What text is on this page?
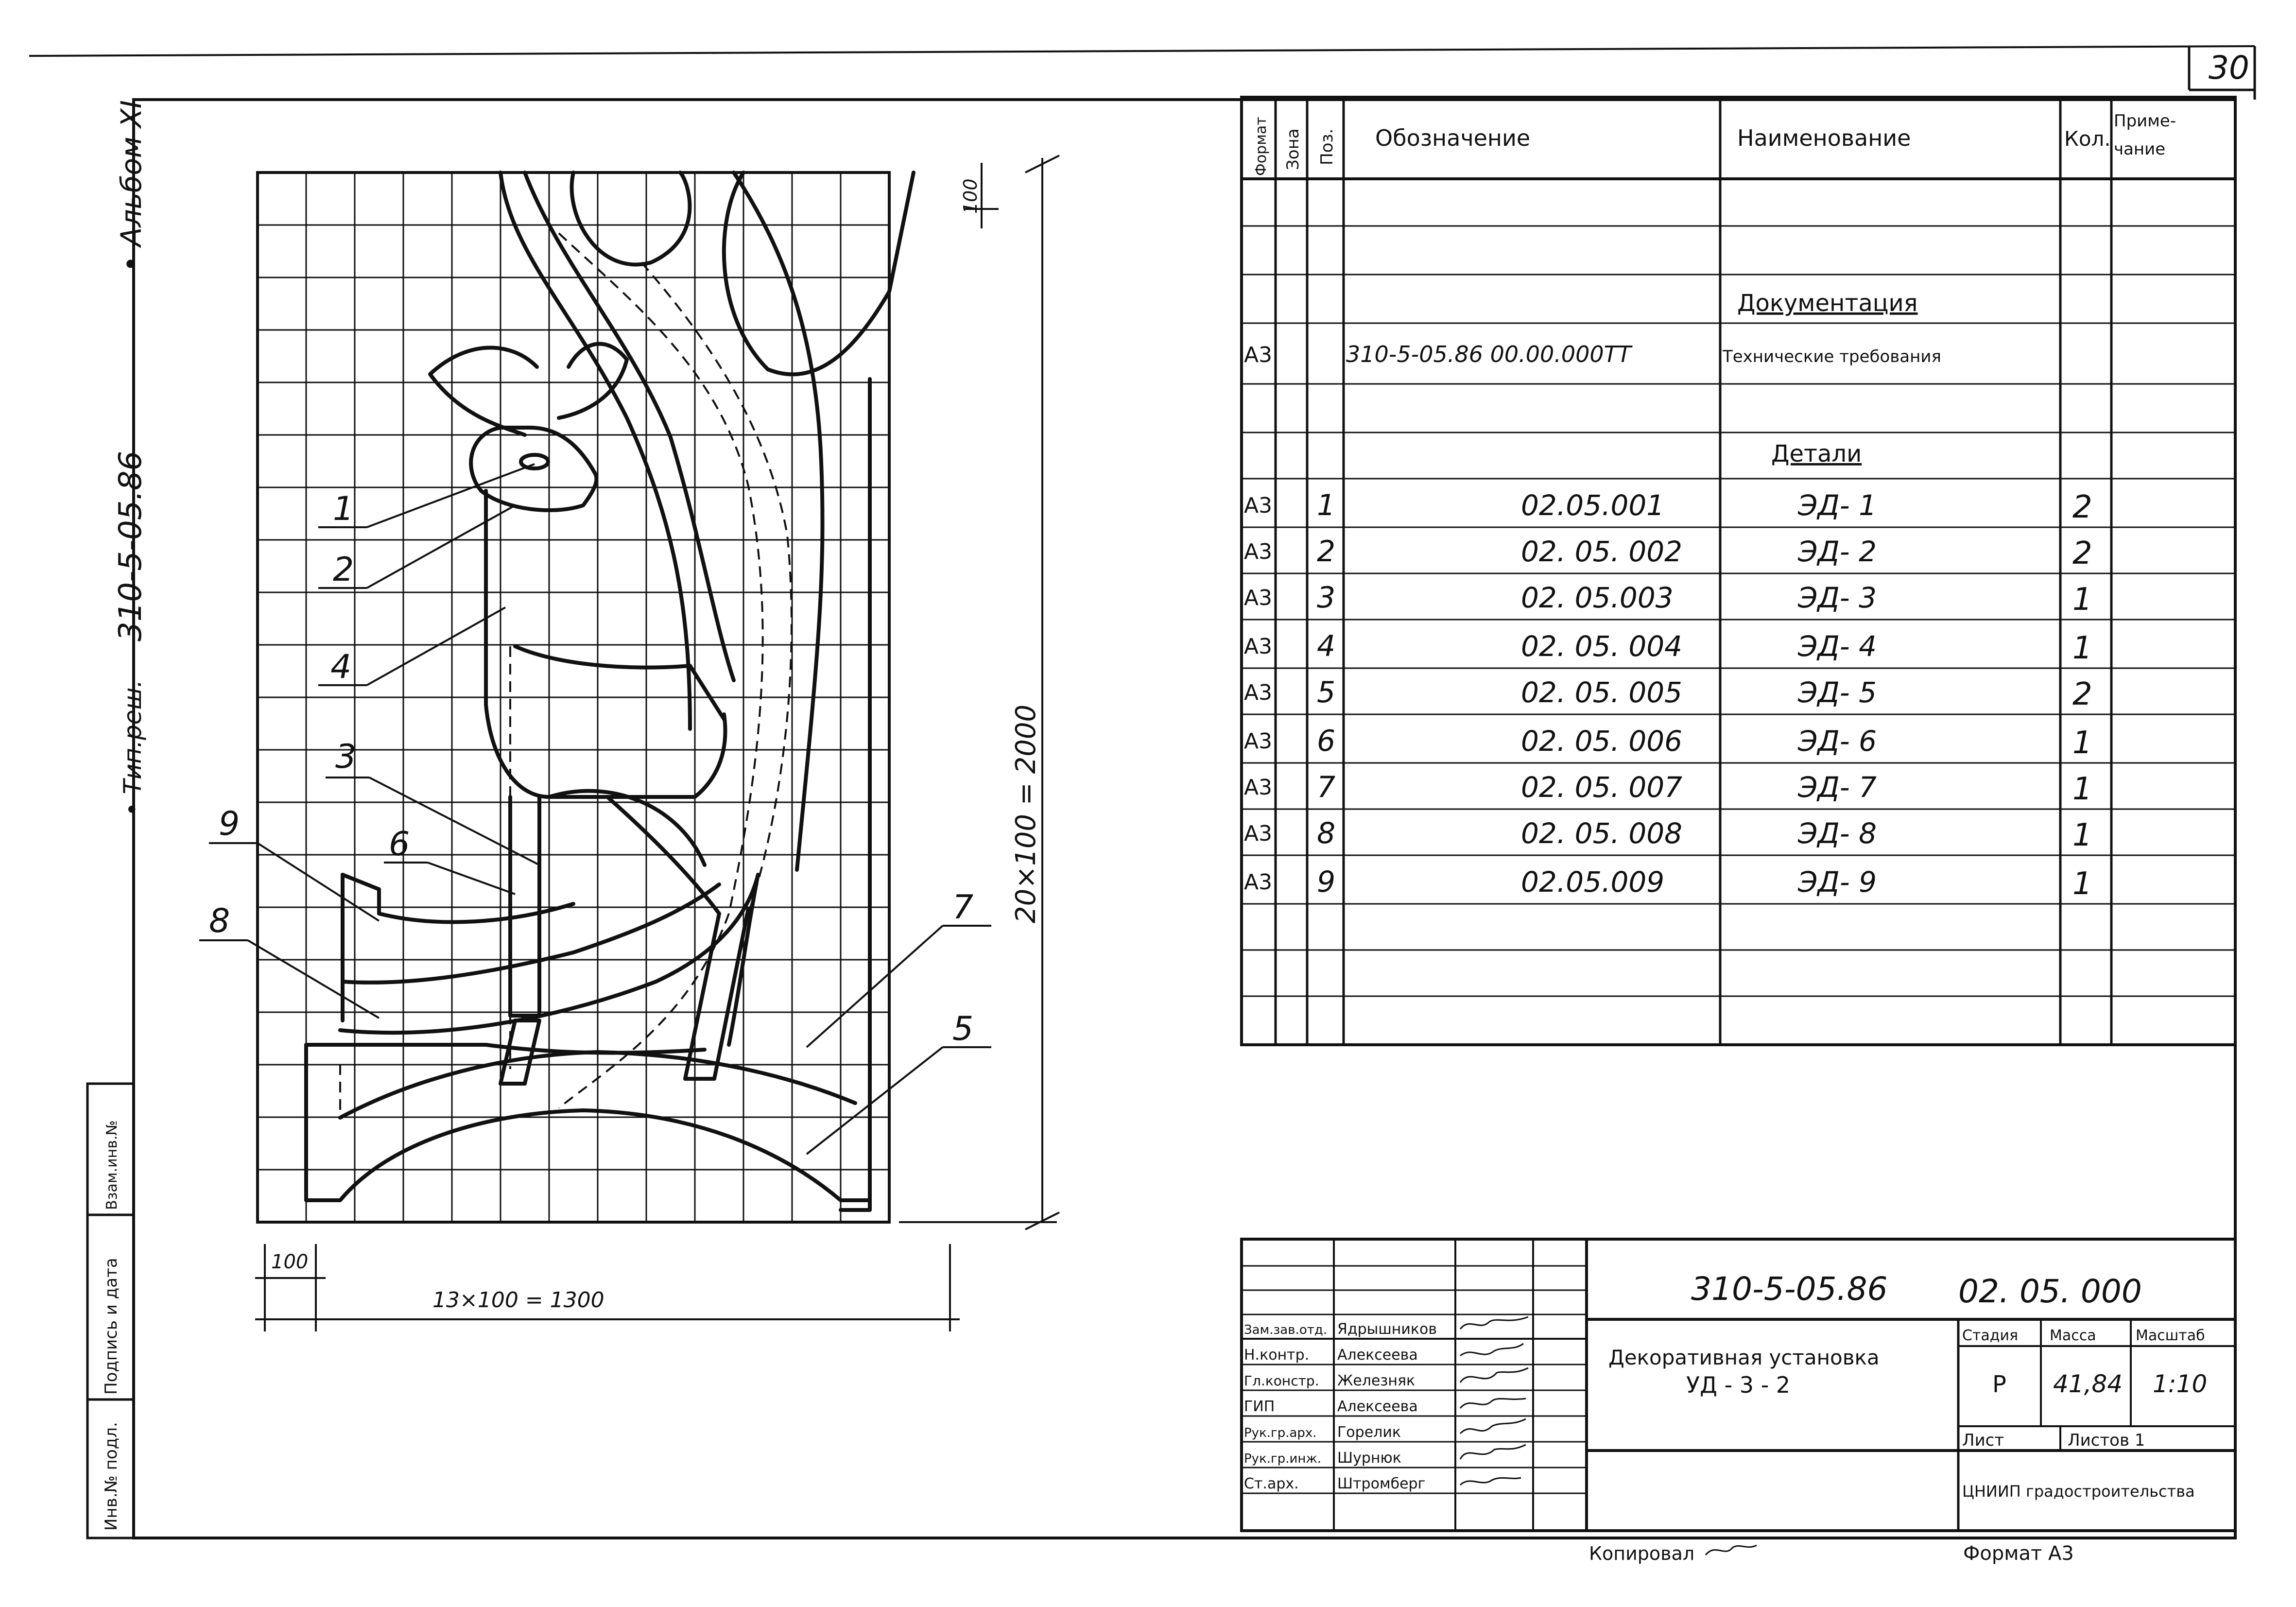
30
Инв.№ подл.
Подпись и дата
Взам.инв.№
• Альбом XI
310-5-05.86
• Тип.реш.
1
2
3
4
5
6
7
8
9	20×100 = 2000
100
100
13×100 = 1300
Формат Зона Поз. Обозначение	Наименование	Кол.
Приме-
чание
Документация
А3	310-5-05.86 00.00.000ТТ	Технические требования
Детали
А3 1	02.05.001	ЭД- 1	2
А3 2	02. 05. 002	ЭД- 2	2
А3 3	02. 05.003	ЭД- 3	1
А3 4	02. 05. 004	ЭД- 4	1
А3 5	02. 05. 005	ЭД- 5	2
А3 6	02. 05. 006	ЭД- 6	1
А3 7	02. 05. 007	ЭД- 7	1
А3 8	02. 05. 008	ЭД- 8	1
А3 9	02.05.009	ЭД- 9	1
310-5-05.86 02. 05. 000
Декоративная установка
УД - 3 - 2
Стадия Масса	Масштаб
Р 41,84 1:10
Лист	Листов 1
ЦНИИП градостроительства
Зам.зав.отд. Ядрышников
Н.контр. Алексеева
Гл.констр. Железняк
ГИП	Алексеева
Рук.гр.арх. Горелик
Рук.гр.инж. Шурнюк
Ст.арх.	Штромберг
Копировал	Формат А3
